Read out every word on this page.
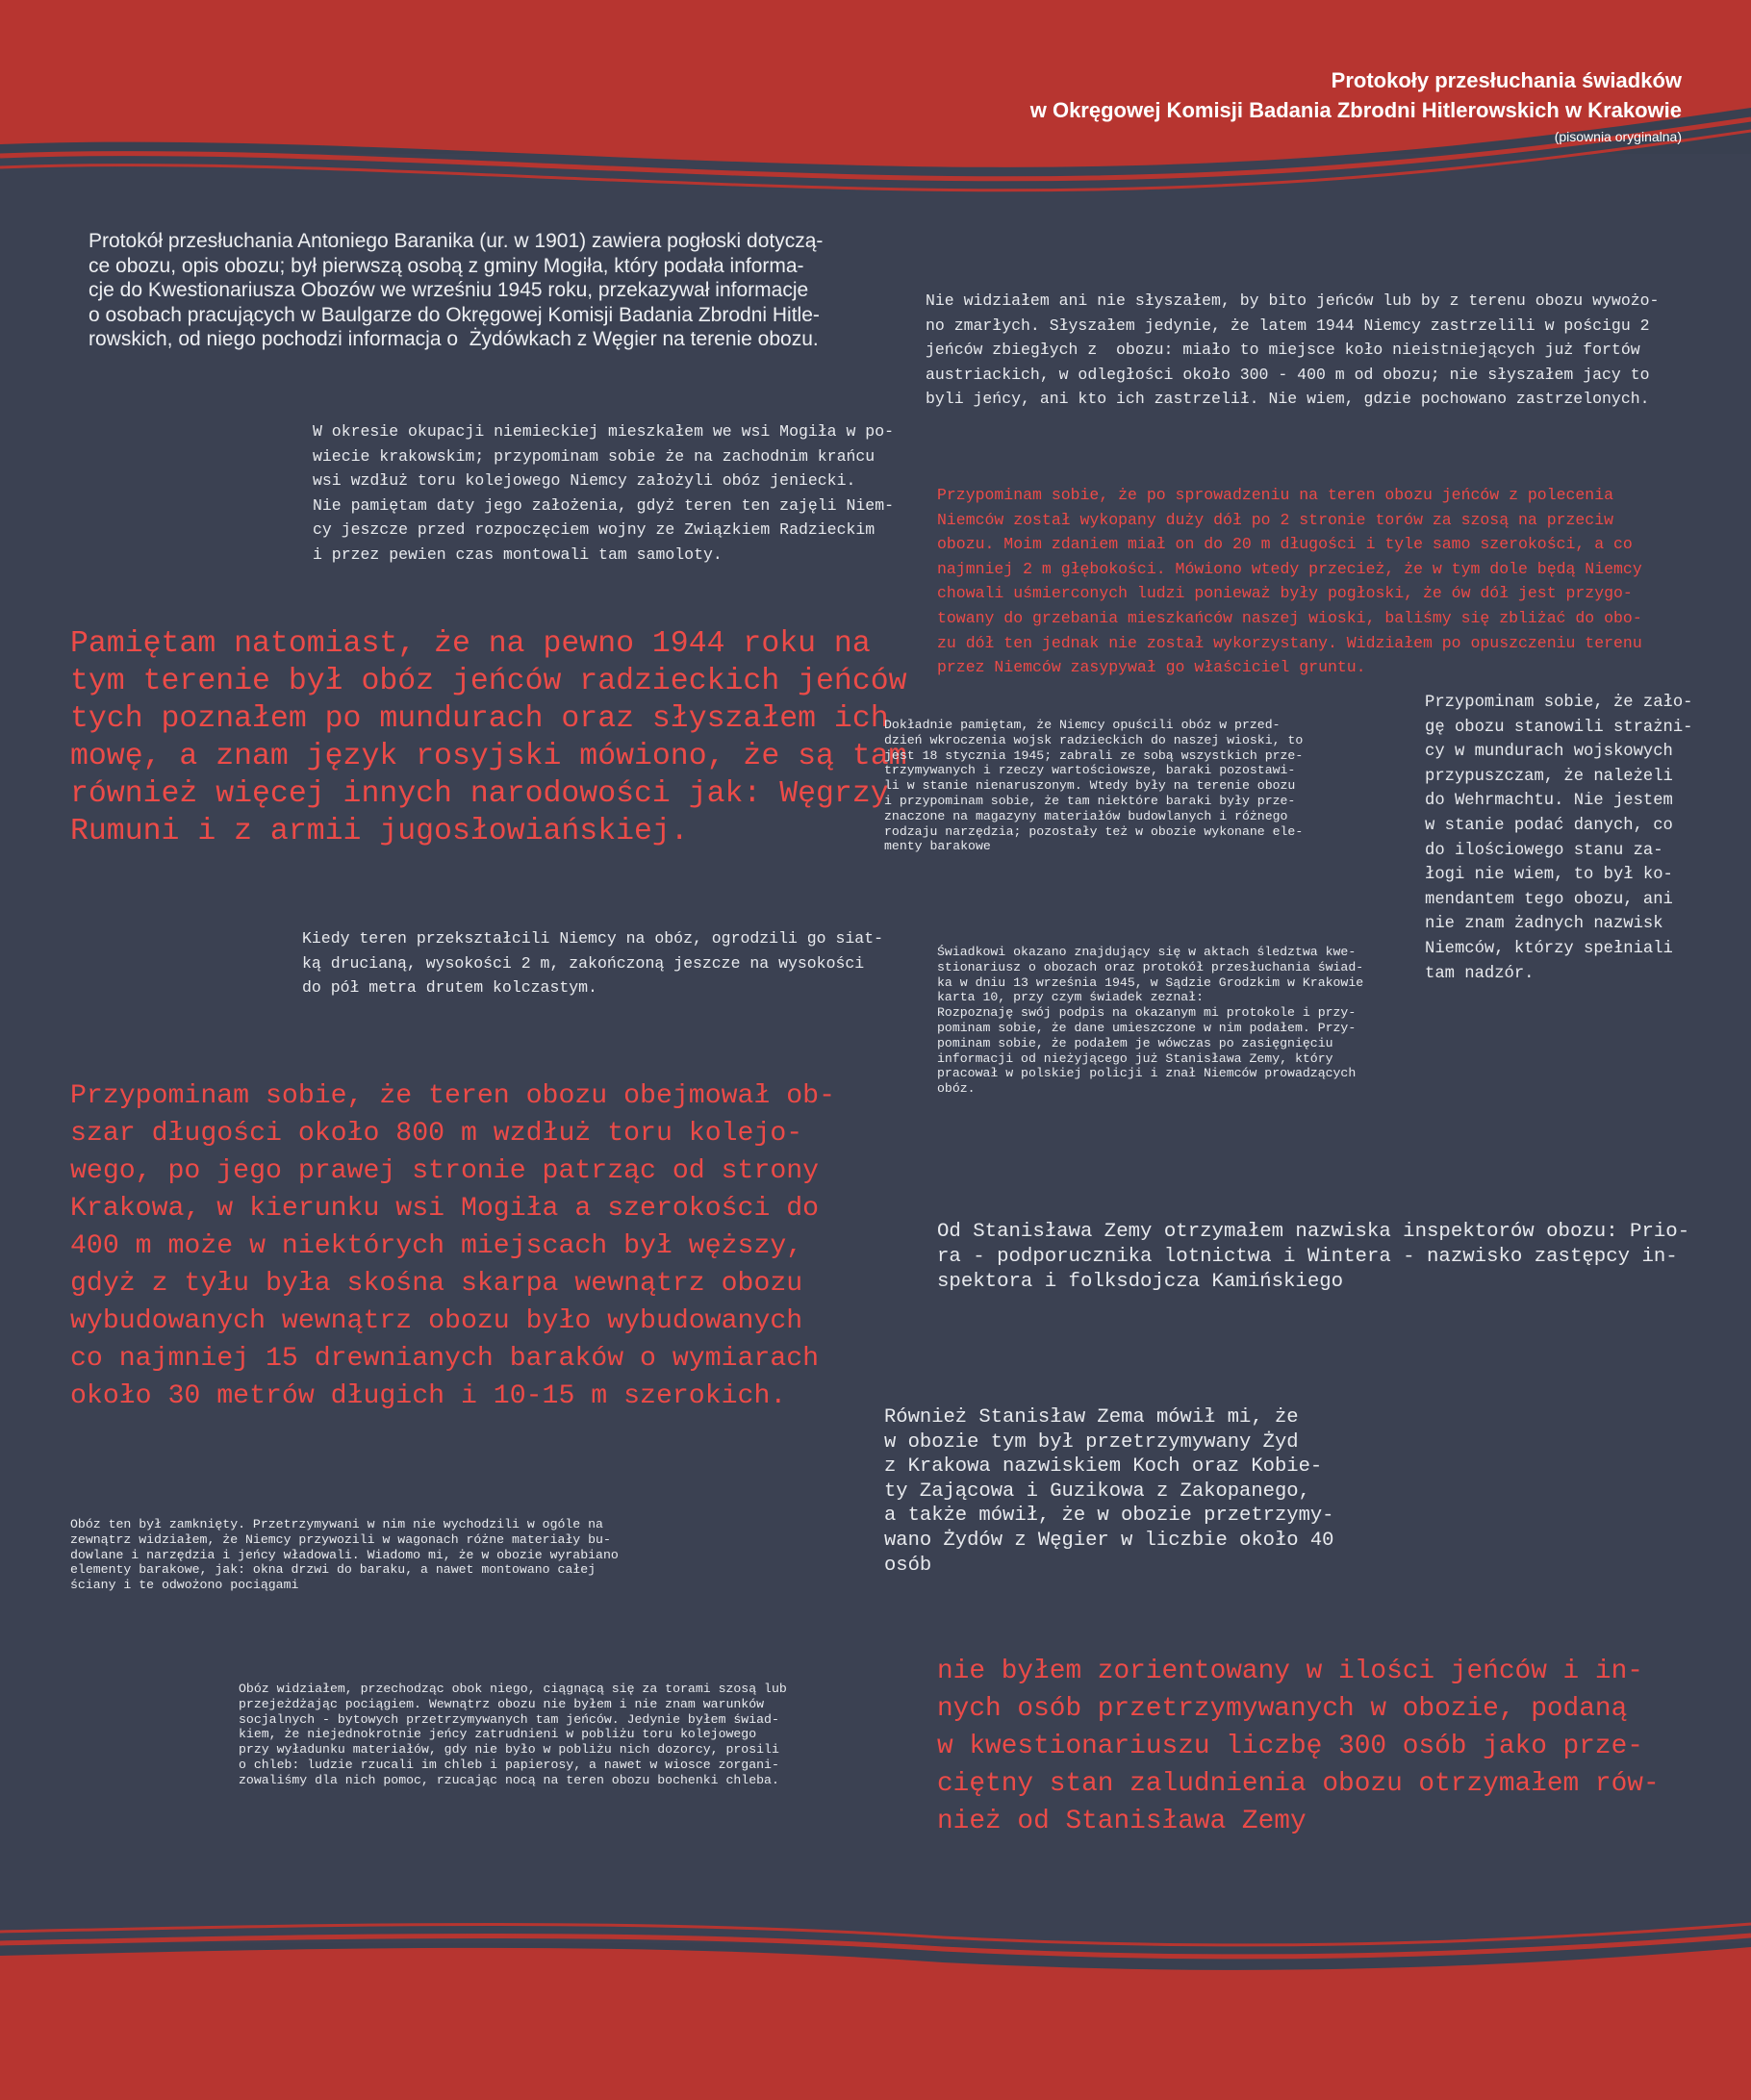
Protokoły przesłuchania świadków
w Okręgowej Komisji Badania Zbrodni Hitlerowskich w Krakowie
(pisownia oryginalna)

Protokół przesłuchania Antoniego Baranika (ur. w 1901) zawiera pogłoski dotyczą-
ce obozu, opis obozu; był pierwszą osobą z gminy Mogiła, który podała informa-
cje do Kwestionariusza Obozów we wrześniu 1945 roku, przekazywał informacje
o osobach pracujących w Baulgarze do Okręgowej Komisji Badania Zbrodni Hitle-
rowskich, od niego pochodzi informacja o  Żydówkach z Węgier na terenie obozu.

W okresie okupacji niemieckiej mieszkałem we wsi Mogiła w po-
wiecie krakowskim; przypominam sobie że na zachodnim krańcu
wsi wzdłuż toru kolejowego Niemcy założyli obóz jeniecki.
Nie pamiętam daty jego założenia, gdyż teren ten zajęli Niem-
cy jeszcze przed rozpoczęciem wojny ze Związkiem Radzieckim
i przez pewien czas montowali tam samoloty.

Pamiętam natomiast, że na pewno 1944 roku na
tym terenie był obóz jeńców radzieckich jeńców
tych poznałem po mundurach oraz słyszałem ich
mowę, a znam język rosyjski mówiono, że są tam
również więcej innych narodowości jak: Węgrzy
Rumuni i z armii jugosłowiańskiej.

Kiedy teren przekształcili Niemcy na obóz, ogrodzili go siat-
ką drucianą, wysokości 2 m, zakończoną jeszcze na wysokości
do pół metra drutem kolczastym.

Przypominam sobie, że teren obozu obejmował ob-
szar długości około 800 m wzdłuż toru kolejo-
wego, po jego prawej stronie patrząc od strony
Krakowa, w kierunku wsi Mogiła a szerokości do
400 m może w niektórych miejscach był węższy,
gdyż z tyłu była skośna skarpa wewnątrz obozu
wybudowanych wewnątrz obozu było wybudowanych
co najmniej 15 drewnianych baraków o wymiarach
około 30 metrów długich i 10-15 m szerokich.

Obóz ten był zamknięty. Przetrzymywani w nim nie wychodzili w ogóle na
zewnątrz widziałem, że Niemcy przywozili w wagonach różne materiały bu-
dowlane i narzędzia i jeńcy władowali. Wiadomo mi, że w obozie wyrabiano
elementy barakowe, jak: okna drzwi do baraku, a nawet montowano całej
ściany i te odwożono pociągami

Obóz widziałem, przechodząc obok niego, ciągnącą się za torami szosą lub
przejeżdżając pociągiem. Wewnątrz obozu nie byłem i nie znam warunków
socjalnych - bytowych przetrzymywanych tam jeńców. Jedynie byłem świad-
kiem, że niejednokrotnie jeńcy zatrudnieni w pobliżu toru kolejowego
przy wyładunku materiałów, gdy nie było w pobliżu nich dozorcy, prosili
o chleb: ludzie rzucali im chleb i papierosy, a nawet w wiosce zorgani-
zowaliśmy dla nich pomoc, rzucając nocą na teren obozu bochenki chleba.

Nie widziałem ani nie słyszałem, by bito jeńców lub by z terenu obozu wywożo-
no zmarłych. Słyszałem jedynie, że latem 1944 Niemcy zastrzelili w pościgu 2
jeńców zbiegłych z  obozu: miało to miejsce koło nieistniejących już fortów
austriackich, w odległości około 300 - 400 m od obozu; nie słyszałem jacy to
byli jeńcy, ani kto ich zastrzelił. Nie wiem, gdzie pochowano zastrzelonych.

Przypominam sobie, że po sprowadzeniu na teren obozu jeńców z polecenia
Niemców został wykopany duży dół po 2 stronie torów za szosą na przeciw
obozu. Moim zdaniem miał on do 20 m długości i tyle samo szerokości, a co
najmniej 2 m głębokości. Mówiono wtedy przecież, że w tym dole będą Niemcy
chowali uśmierconych ludzi ponieważ były pogłoski, że ów dół jest przygo-
towany do grzebania mieszkańców naszej wioski, baliśmy się zbliżać do obo-
zu dół ten jednak nie został wykorzystany. Widziałem po opuszczeniu terenu
przez Niemców zasypywał go właściciel gruntu.

Dokładnie pamiętam, że Niemcy opuścili obóz w przed-
dzień wkroczenia wojsk radzieckich do naszej wioski, to
jest 18 stycznia 1945; zabrali ze sobą wszystkich prze-
trzymywanych i rzeczy wartościowsze, baraki pozostawi-
li w stanie nienaruszonym. Wtedy były na terenie obozu
i przypominam sobie, że tam niektóre baraki były prze-
znaczone na magazyny materiałów budowlanych i różnego
rodzaju narzędzia; pozostały też w obozie wykonane ele-
menty barakowe

Przypominam sobie, że zało-
gę obozu stanowili strażni-
cy w mundurach wojskowych
przypuszczam, że należeli
do Wehrmachtu. Nie jestem
w stanie podać danych, co
do ilościowego stanu za-
łogi nie wiem, to był ko-
mendantem tego obozu, ani
nie znam żadnych nazwisk
Niemców, którzy spełniali
tam nadzór.

Świadkowi okazano znajdujący się w aktach śledztwa kwe-
stionariusz o obozach oraz protokół przesłuchania świad-
ka w dniu 13 września 1945, w Sądzie Grodzkim w Krakowie
karta 10, przy czym świadek zeznał:
Rozpoznaję swój podpis na okazanym mi protokole i przy-
pominam sobie, że dane umieszczone w nim podałem. Przy-
pominam sobie, że podałem je wówczas po zasięgnięciu
informacji od nieżyjącego już Stanisława Zemy, który
pracował w polskiej policji i znał Niemców prowadzących
obóz.

Od Stanisława Zemy otrzymałem nazwiska inspektorów obozu: Prio-
ra - podporucznika lotnictwa i Wintera - nazwisko zastępcy in-
spektora i folksdojcza Kamińskiego

Również Stanisław Zema mówił mi, że
w obozie tym był przetrzymywany Żyd
z Krakowa nazwiskiem Koch oraz Kobie-
ty Zającowa i Guzikowa z Zakopanego,
a także mówił, że w obozie przetrzymy-
wano Żydów z Węgier w liczbie około 40
osób

nie byłem zorientowany w ilości jeńców i in-
nych osób przetrzymywanych w obozie, podaną
w kwestionariuszu liczbę 300 osób jako prze-
ciętny stan zaludnienia obozu otrzymałem rów-
nież od Stanisława Zemy
